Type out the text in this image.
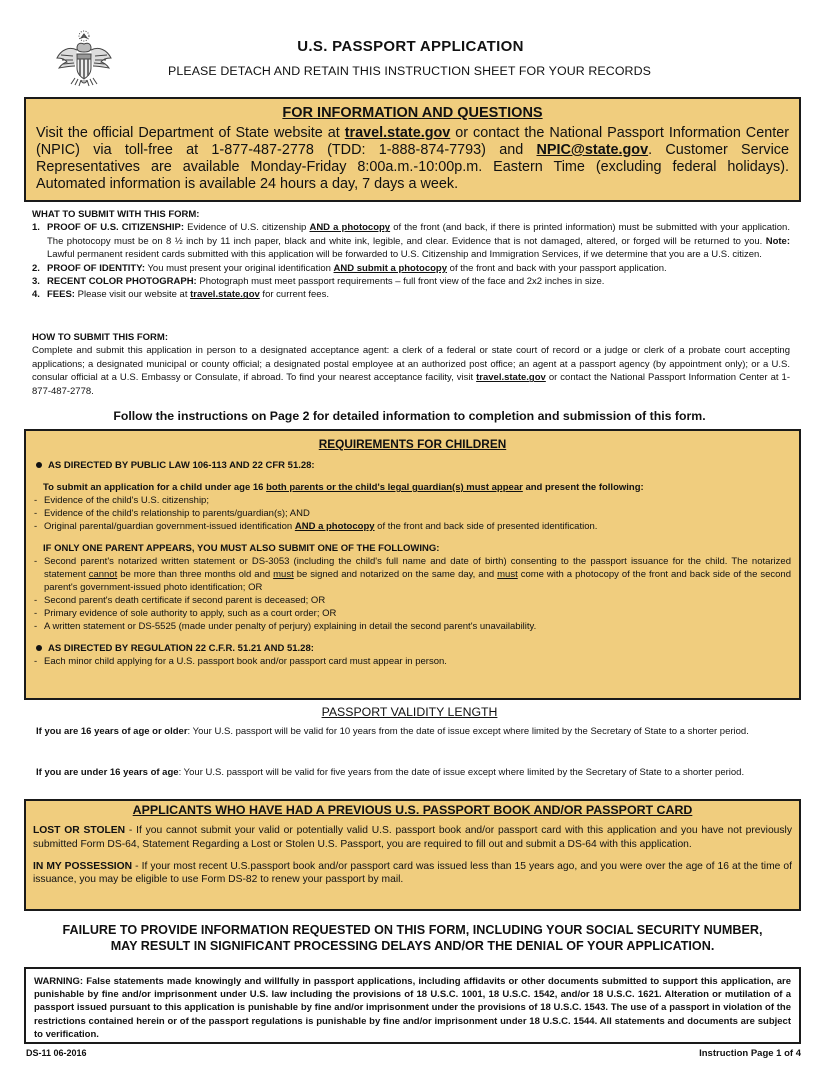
U.S. PASSPORT APPLICATION
PLEASE DETACH AND RETAIN THIS INSTRUCTION SHEET FOR YOUR RECORDS
FOR INFORMATION AND QUESTIONS
Visit the official Department of State website at travel.state.gov or contact the National Passport Information Center (NPIC) via toll-free at 1-877-487-2778 (TDD: 1-888-874-7793) and NPIC@state.gov. Customer Service Representatives are available Monday-Friday 8:00a.m.-10:00p.m. Eastern Time (excluding federal holidays). Automated information is available 24 hours a day, 7 days a week.
WHAT TO SUBMIT WITH THIS FORM:
1. PROOF OF U.S. CITIZENSHIP: Evidence of U.S. citizenship AND a photocopy of the front (and back, if there is printed information) must be submitted with your application. The photocopy must be on 8 ½ inch by 11 inch paper, black and white ink, legible, and clear. Evidence that is not damaged, altered, or forged will be returned to you. Note: Lawful permanent resident cards submitted with this application will be forwarded to U.S. Citizenship and Immigration Services, if we determine that you are a U.S. citizen.
2. PROOF OF IDENTITY: You must present your original identification AND submit a photocopy of the front and back with your passport application.
3. RECENT COLOR PHOTOGRAPH: Photograph must meet passport requirements – full front view of the face and 2x2 inches in size.
4. FEES: Please visit our website at travel.state.gov for current fees.
HOW TO SUBMIT THIS FORM:
Complete and submit this application in person to a designated acceptance agent: a clerk of a federal or state court of record or a judge or clerk of a probate court accepting applications; a designated municipal or county official; a designated postal employee at an authorized post office; an agent at a passport agency (by appointment only); or a U.S. consular official at a U.S. Embassy or Consulate, if abroad. To find your nearest acceptance facility, visit travel.state.gov or contact the National Passport Information Center at 1-877-487-2778.
Follow the instructions on Page 2 for detailed information to completion and submission of this form.
REQUIREMENTS FOR CHILDREN
AS DIRECTED BY PUBLIC LAW 106-113 AND 22 CFR 51.28:
To submit an application for a child under age 16 both parents or the child's legal guardian(s) must appear and present the following:
- Evidence of the child's U.S. citizenship;
- Evidence of the child's relationship to parents/guardian(s); AND
- Original parental/guardian government-issued identification AND a photocopy of the front and back side of presented identification.
IF ONLY ONE PARENT APPEARS, YOU MUST ALSO SUBMIT ONE OF THE FOLLOWING:
- Second parent's notarized written statement or DS-3053 (including the child's full name and date of birth) consenting to the passport issuance for the child. The notarized statement cannot be more than three months old and must be signed and notarized on the same day, and must come with a photocopy of the front and back side of the second parent's government-issued photo identification; OR
- Second parent's death certificate if second parent is deceased; OR
- Primary evidence of sole authority to apply, such as a court order; OR
- A written statement or DS-5525 (made under penalty of perjury) explaining in detail the second parent's unavailability.
AS DIRECTED BY REGULATION 22 C.F.R. 51.21 AND 51.28:
- Each minor child applying for a U.S. passport book and/or passport card must appear in person.
PASSPORT VALIDITY LENGTH
If you are 16 years of age or older: Your U.S. passport will be valid for 10 years from the date of issue except where limited by the Secretary of State to a shorter period.
If you are under 16 years of age: Your U.S. passport will be valid for five years from the date of issue except where limited by the Secretary of State to a shorter period.
APPLICANTS WHO HAVE HAD A PREVIOUS U.S. PASSPORT BOOK AND/OR PASSPORT CARD

LOST OR STOLEN - If you cannot submit your valid or potentially valid U.S. passport book and/or passport card with this application and you have not previously submitted Form DS-64, Statement Regarding a Lost or Stolen U.S. Passport, you are required to fill out and submit a DS-64 with this application.

IN MY POSSESSION - If your most recent U.S.passport book and/or passport card was issued less than 15 years ago, and you were over the age of 16 at the time of issuance, you may be eligible to use Form DS-82 to renew your passport by mail.

FAILURE TO PROVIDE INFORMATION REQUESTED ON THIS FORM, INCLUDING YOUR SOCIAL SECURITY NUMBER,
MAY RESULT IN SIGNIFICANT PROCESSING DELAYS AND/OR THE DENIAL OF YOUR APPLICATION.
WARNING: False statements made knowingly and willfully in passport applications, including affidavits or other documents submitted to support this application, are punishable by fine and/or imprisonment under U.S. law including the provisions of 18 U.S.C. 1001, 18 U.S.C. 1542, and/or 18 U.S.C. 1621. Alteration or mutilation of a passport issued pursuant to this application is punishable by fine and/or imprisonment under the provisions of 18 U.S.C. 1543. The use of a passport in violation of the restrictions contained herein or of the passport regulations is punishable by fine and/or imprisonment under 18 U.S.C. 1544. All statements and documents are subject to verification.
DS-11 06-2016	Instruction Page 1 of 4
